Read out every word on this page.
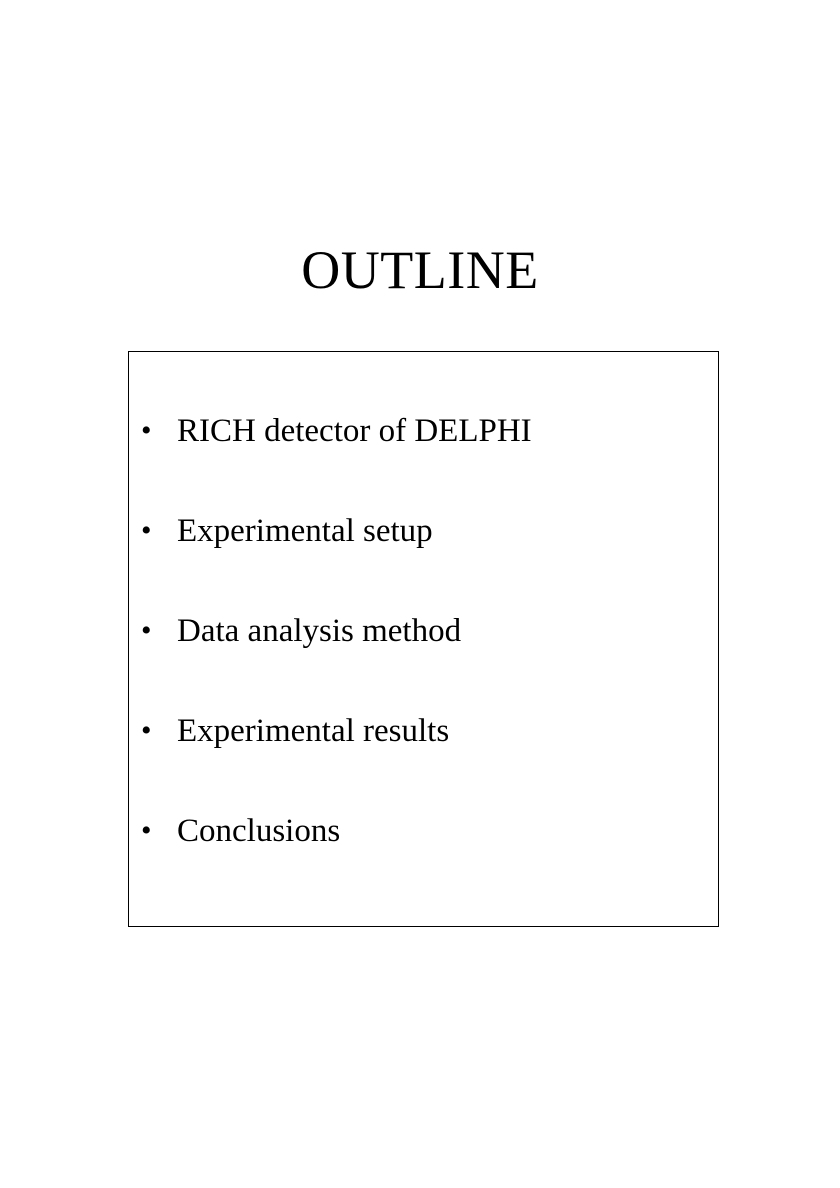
OUTLINE
• RICH detector of DELPHI
• Experimental setup
• Data analysis method
• Experimental results
• Conclusions
